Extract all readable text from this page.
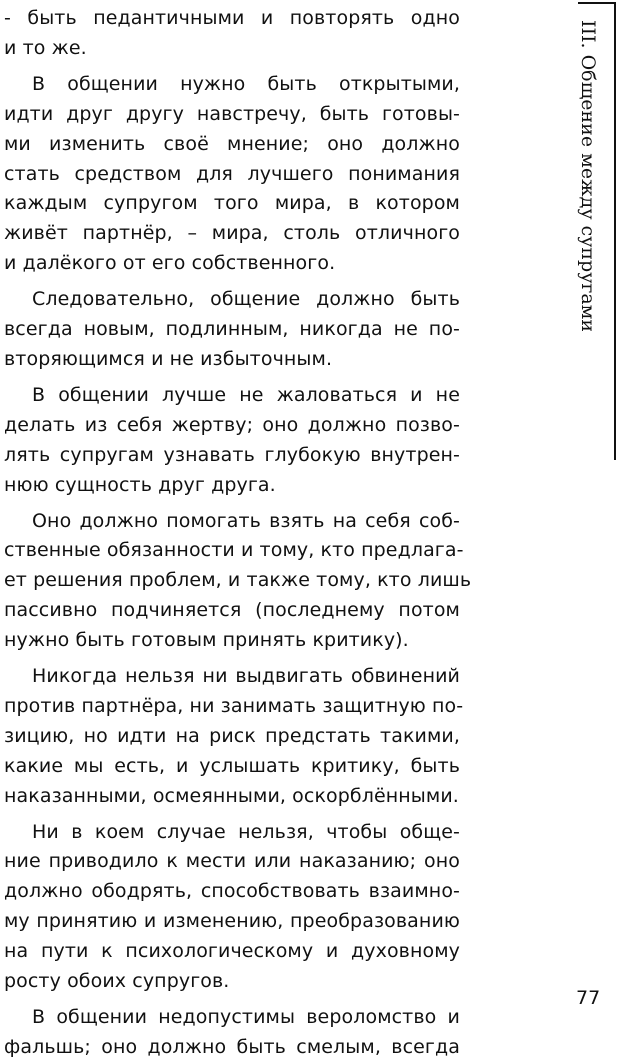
- быть педантичными и повторять одно
и то же.

В общении нужно быть открытыми,
идти друг другу навстречу, быть готовы-
ми изменить своё мнение; оно должно
стать средством для лучшего понимания
каждым супругом того мира, в котором
живёт партнёр, – мира, столь отличного
и далёкого от его собственного.

Следовательно, общение должно быть
всегда новым, подлинным, никогда не по-
вторяющимся и не избыточным.

В общении лучше не жаловаться и не
делать из себя жертву; оно должно позво-
лять супругам узнавать глубокую внутрен-
нюю сущность друг друга.

Оно должно помогать взять на себя соб-
ственные обязанности и тому, кто предлага-
ет решения проблем, и также тому, кто лишь
пассивно подчиняется (последнему потом
нужно быть готовым принять критику).

Никогда нельзя ни выдвигать обвинений
против партнёра, ни занимать защитную по-
зицию, но идти на риск предстать такими,
какие мы есть, и услышать критику, быть
наказанными, осмеянными, оскорблёнными.

Ни в коем случае нельзя, чтобы обще-
ние приводило к мести или наказанию; оно
должно ободрять, способствовать взаимно-
му принятию и изменению, преобразованию
на пути к психологическому и духовному
росту обоих супругов.

В общении недопустимы вероломство и
фальшь; оно должно быть смелым, всегда

III. Общение между супругами
77
